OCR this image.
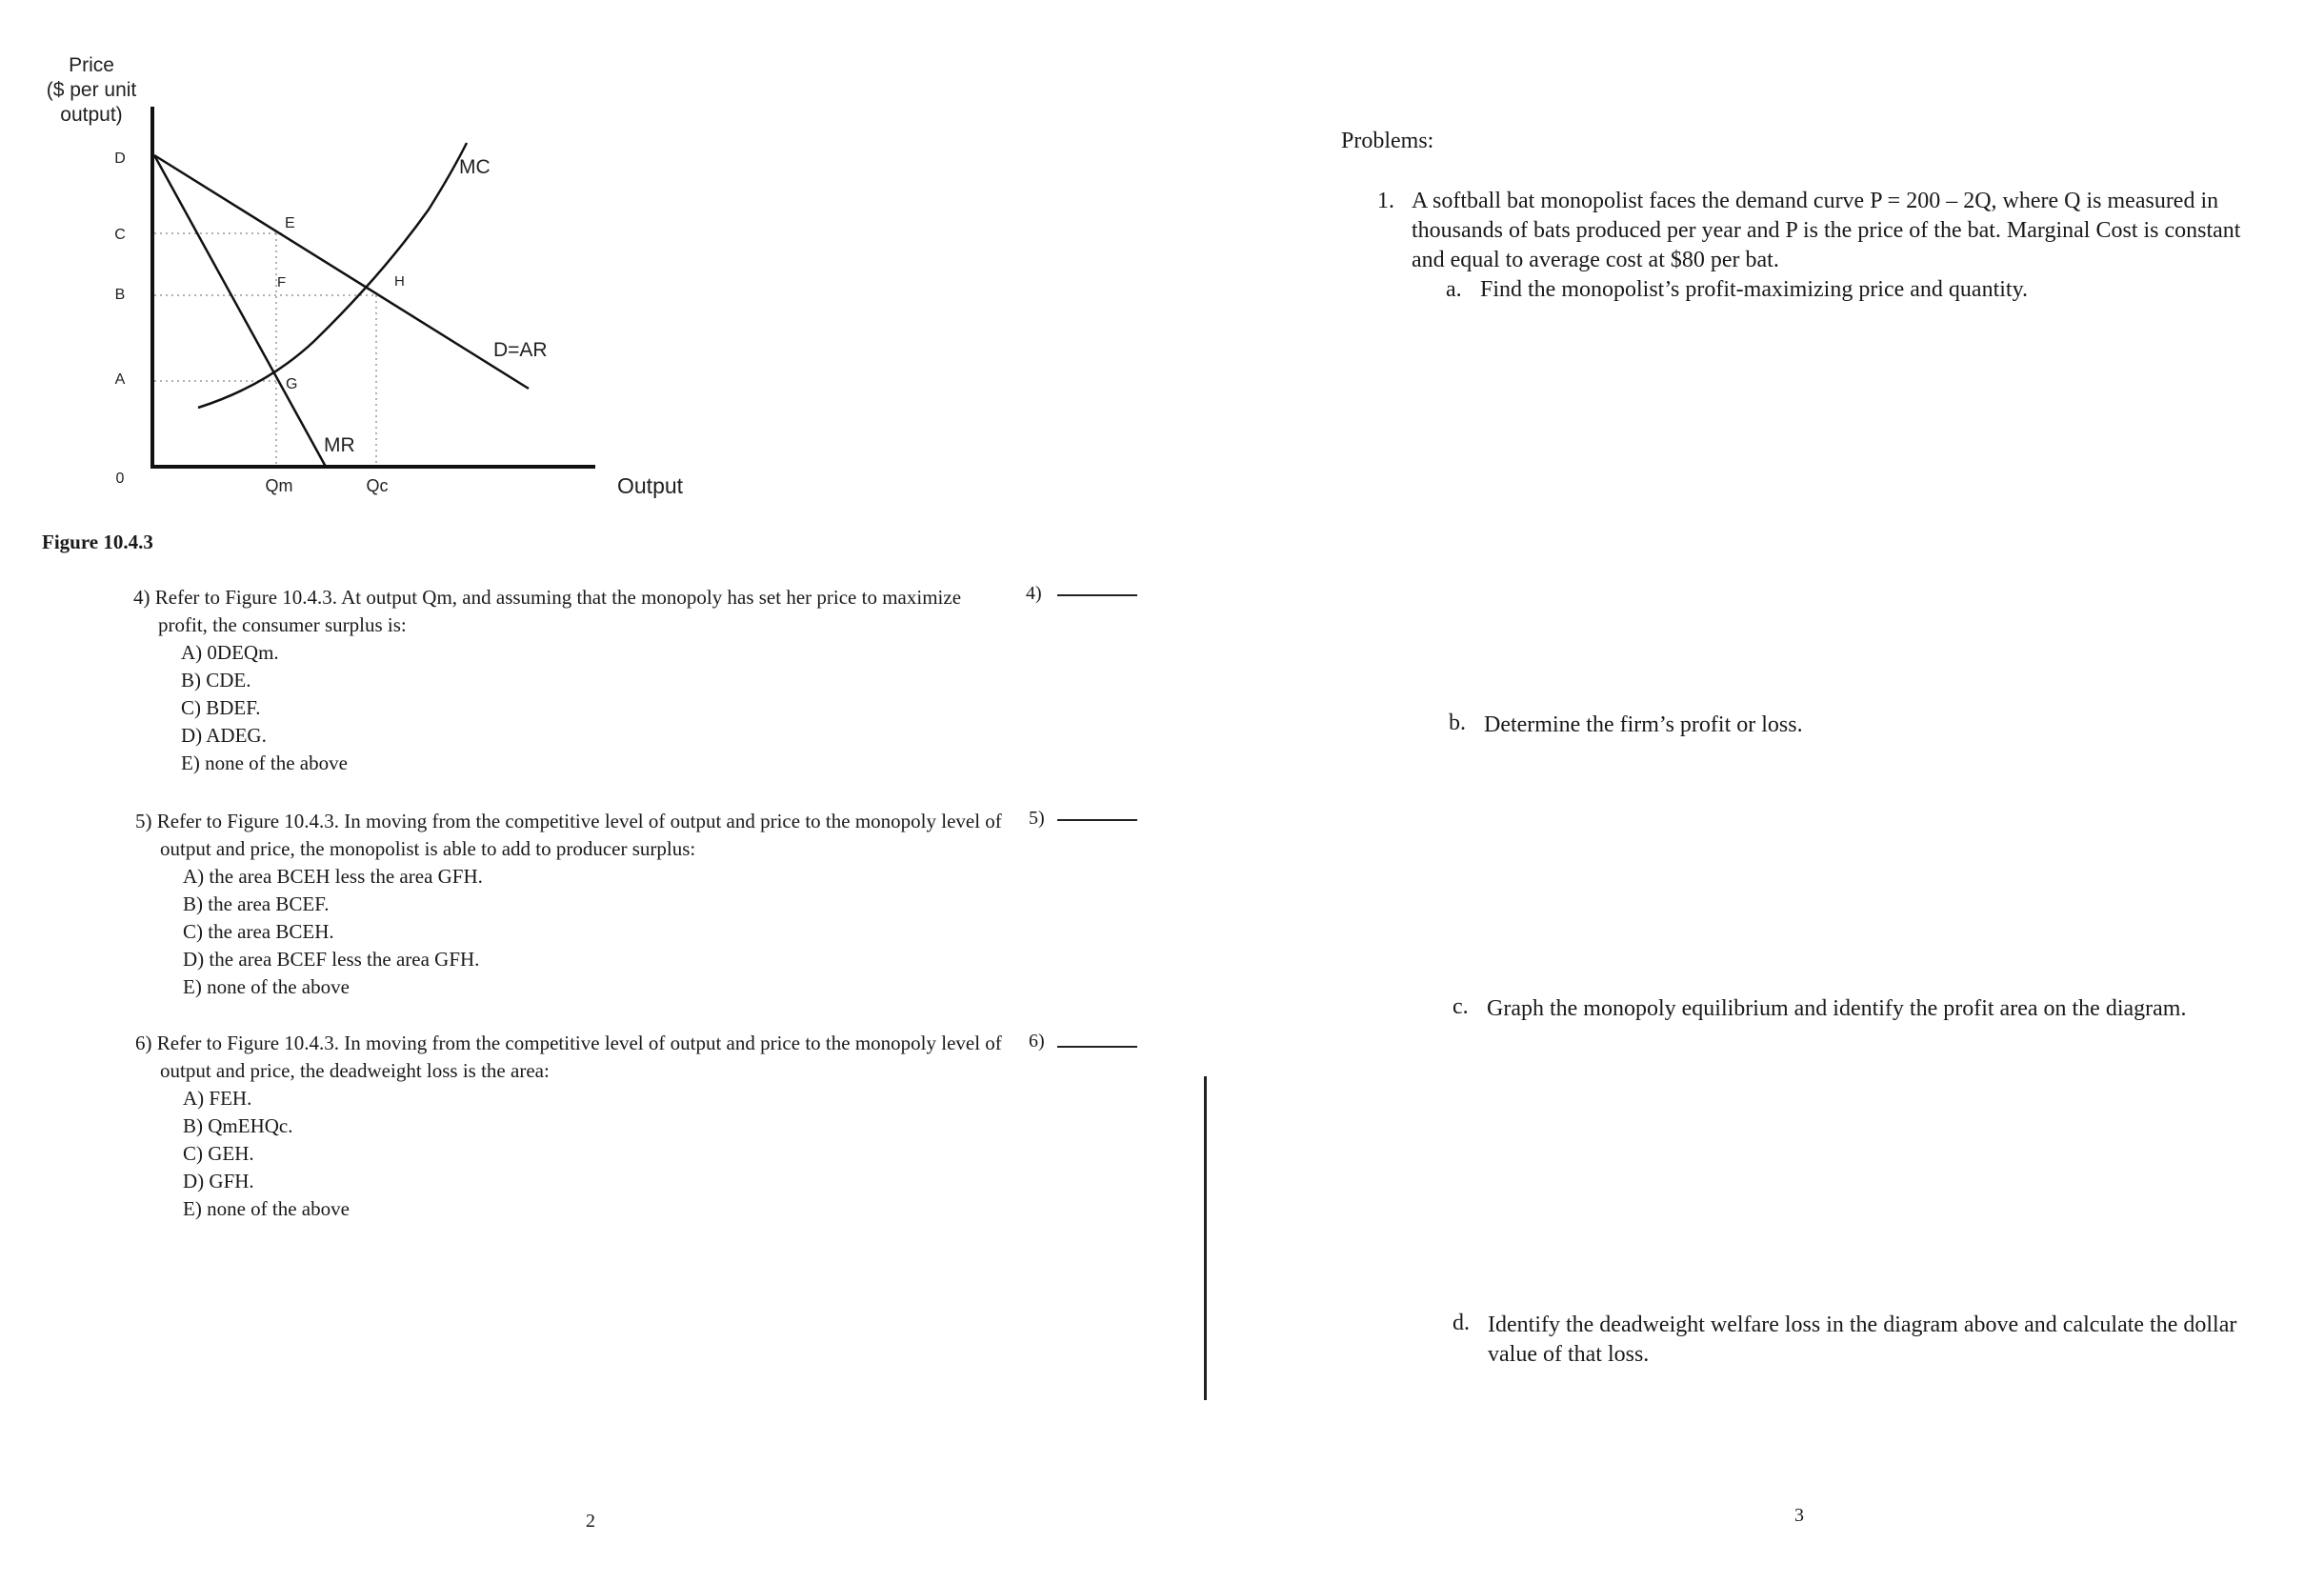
Price
($ per unit
output)
D
C
B
A
0	Qm	Qc	Output
MC
D=AR
MR
E
F
G
H
Figure 10.4.3

4) Refer to Figure 10.4.3. At output Qm, and assuming that the monopoly has set her price to maximize profit, the consumer surplus is:

A) 0DEQm.
B) CDE.
C) BDEF.
D) ADEG.
E) none of the above
4)

5) Refer to Figure 10.4.3. In moving from the competitive level of output and price to the monopoly level of output and price, the monopolist is able to add to producer surplus:

A) the area BCEH less the area GFH.
B) the area BCEF.
C) the area BCEH.
D) the area BCEF less the area GFH.
E) none of the above
5)

6) Refer to Figure 10.4.3. In moving from the competitive level of output and price to the monopoly level of output and price, the deadweight loss is the area:

A) FEH.
B) QmEHQc.
C) GEH.
D) GFH.
E) none of the above
6)
2
Problems:
1. A softball bat monopolist faces the demand curve P = 200 – 2Q, where Q is measured in thousands of bats produced per year and P is the price of the bat. Marginal Cost is constant and equal to average cost at $80 per bat.
a. Find the monopolist’s profit-maximizing price and quantity.
b. Determine the firm’s profit or loss.
c. Graph the monopoly equilibrium and identify the profit area on the diagram.
d. Identify the deadweight welfare loss in the diagram above and calculate the dollar value of that loss.
3
